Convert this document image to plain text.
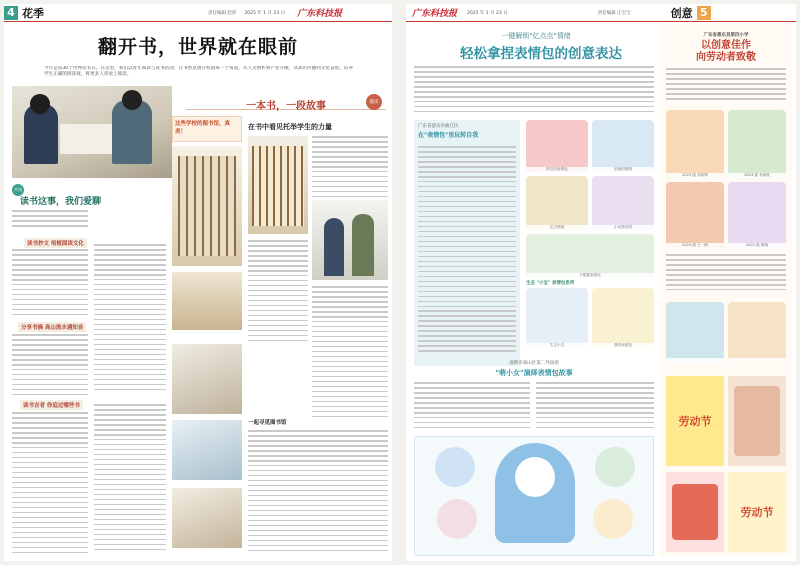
4 花季	责任编辑 赵萍 2025 年 1 月 23 日 广东科技报
翻开书，世界就在眼前
今年是第30个世界读书日。在这里，我们以青年阅读与读书活动，让书香氛围在校园每一个角落，从人文情怀到产业升级，从知识传播到文化奋进，培养学生正确的阅读观，将更多人喜欢上阅读。
一本书，一段故事	趣读
共读
读书这事，我们爱聊
读书抄文 培植阅读文化
分享书摘 高山流水遇知音
读书言者 你追过哪些书
这些学校的图书馆，真美！
在书中看见托举学生的力量
一起寻觅图书馆
广东科技报 2025 年 1 月 23 日	责任编辑 庄宝宝	创意 5
一键解锁"亿点点"情绪
轻松拿捏表情包的创意表达
广东省韶关市曲江区
在"表情包"里玩转自我
阿宝的表情包	呆萌的情绪
亿点情绪	小动物乐园
小熊猫表情包
生态 "小宝" 表情包系列
生态小宝	我的表情包
深圳市南山区第二外国语
"萌小女"演绎表情包故事
广东省惠东县第四小学
以创意佳作
向劳动者致敬
2023 级 刘伟锋	2023 级 李雨萱
2023 级 王一帆	2022 级 陈晓

劳动节
劳动节
